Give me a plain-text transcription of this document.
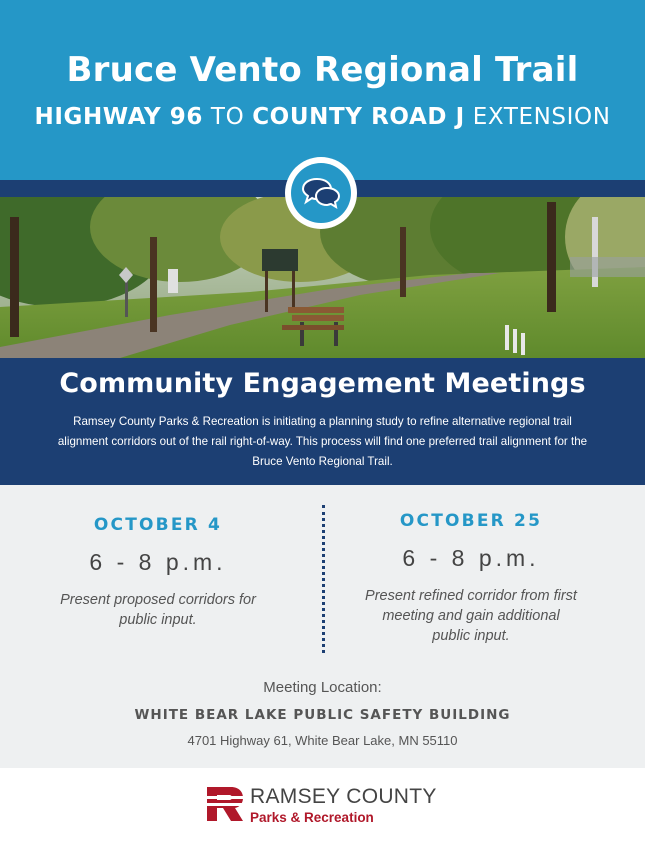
Bruce Vento Regional Trail
HIGHWAY 96 TO COUNTY ROAD J EXTENSION
Community Engagement Meetings

Ramsey County Parks & Recreation is initiating a planning study to refine alternative regional trail alignment corridors out of the rail right-of-way. This process will find one preferred trail alignment for the Bruce Vento Regional Trail.

OCTOBER 4
6 - 8 p.m.
Present proposed corridors for public input.
OCTOBER 25
6 - 8 p.m.
Present refined corridor from first meeting and gain additional public input.
Meeting Location:
WHITE BEAR LAKE PUBLIC SAFETY BUILDING
4701 Highway 61, White Bear Lake, MN 55110
RAMSEY COUNTY
Parks & Recreation
